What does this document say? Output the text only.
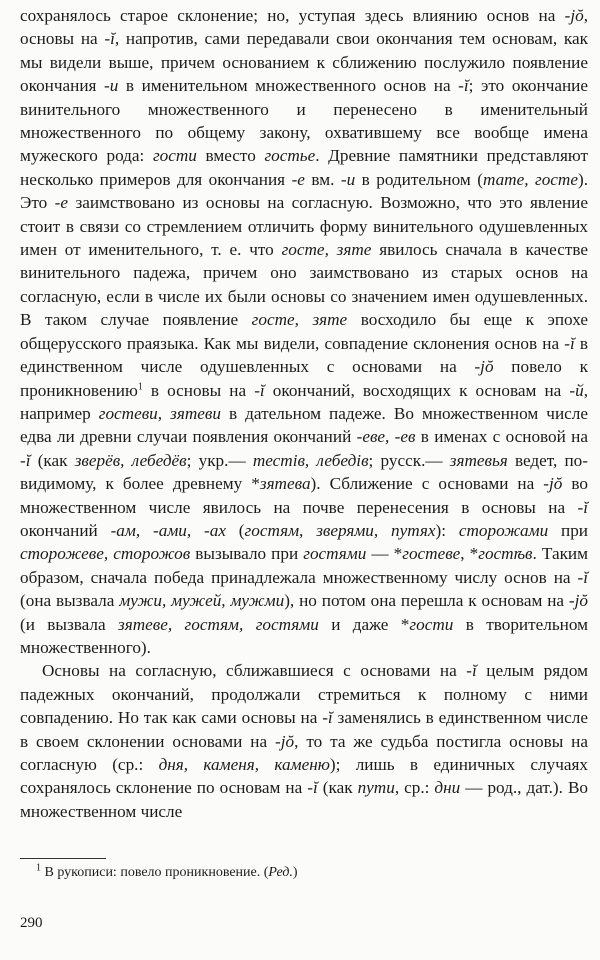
сохранялось старое склонение; но, уступая здесь влиянию основ на -jŏ, основы на -ĭ, напротив, сами передавали свои окончания тем основам, как мы видели выше, причем основанием к сближению послужило появление окончания -и в именительном множественного основ на -ĭ; это окончание винительного множественного и перенесено в именительный множественного по общему закону, охватившему все вообще имена мужеского рода: гости вместо гостье. Древние памятники представляют несколько примеров для окончания -е вм. -и в родительном (тате, госте). Это -е заимствовано из основы на согласную. Возможно, что это явление стоит в связи со стремлением отличить форму винительного одушевленных имен от именительного, т. е. что госте, зяте явилось сначала в качестве винительного падежа, причем оно заимствовано из старых основ на согласную, если в числе их были основы со значением имен одушевленных. В таком случае появление госте, зяте восходило бы еще к эпохе общерусского праязыка. Как мы видели, совпадение склонения основ на -ĭ в единственном числе одушевленных с основами на -jŏ повело к проникновению$^1$ в основы на -ĭ окончаний, восходящих к основам на -й, например гостеви, зятеви в дательном падеже. Во множественном числе едва ли древни случаи появления окончаний -еве, -ев в именах с основой на -ĭ (как зверёв, лебедёв; укр.— тестів, лебедів; русск.— зятевья ведет, по-видимому, к более древнему *зятева). Сближение с основами на -jŏ во множественном числе явилось на почве перенесения в основы на -ĭ окончаний -ам, -ами, -ах (гостям, зверями, путях): сторожами при сторожеве, сторожов вызывало при гостями — *гостеве, *гостѣв. Таким образом, сначала победа принадлежала множественному числу основ на -ĭ (она вызвала мужи, мужей, мужми), но потом она перешла к основам на -jŏ (и вызвала зятеве, гостям, гостями и даже *гости в творительном множественного).

Основы на согласную, сближавшиеся с основами на -ĭ целым рядом падежных окончаний, продолжали стремиться к полному с ними совпадению. Но так как сами основы на -ĭ заменялись в единственном числе в своем склонении основами на -jŏ, то та же судьба постигла основы на согласную (ср.: дня, каменя, камeню); лишь в единичных случаях сохранялось склонение по основам на -ĭ (как пути, ср.: дни — род., дат.). Во множественном числе

$^1$ В рукописи: повело проникновение. (Ред.)
290
